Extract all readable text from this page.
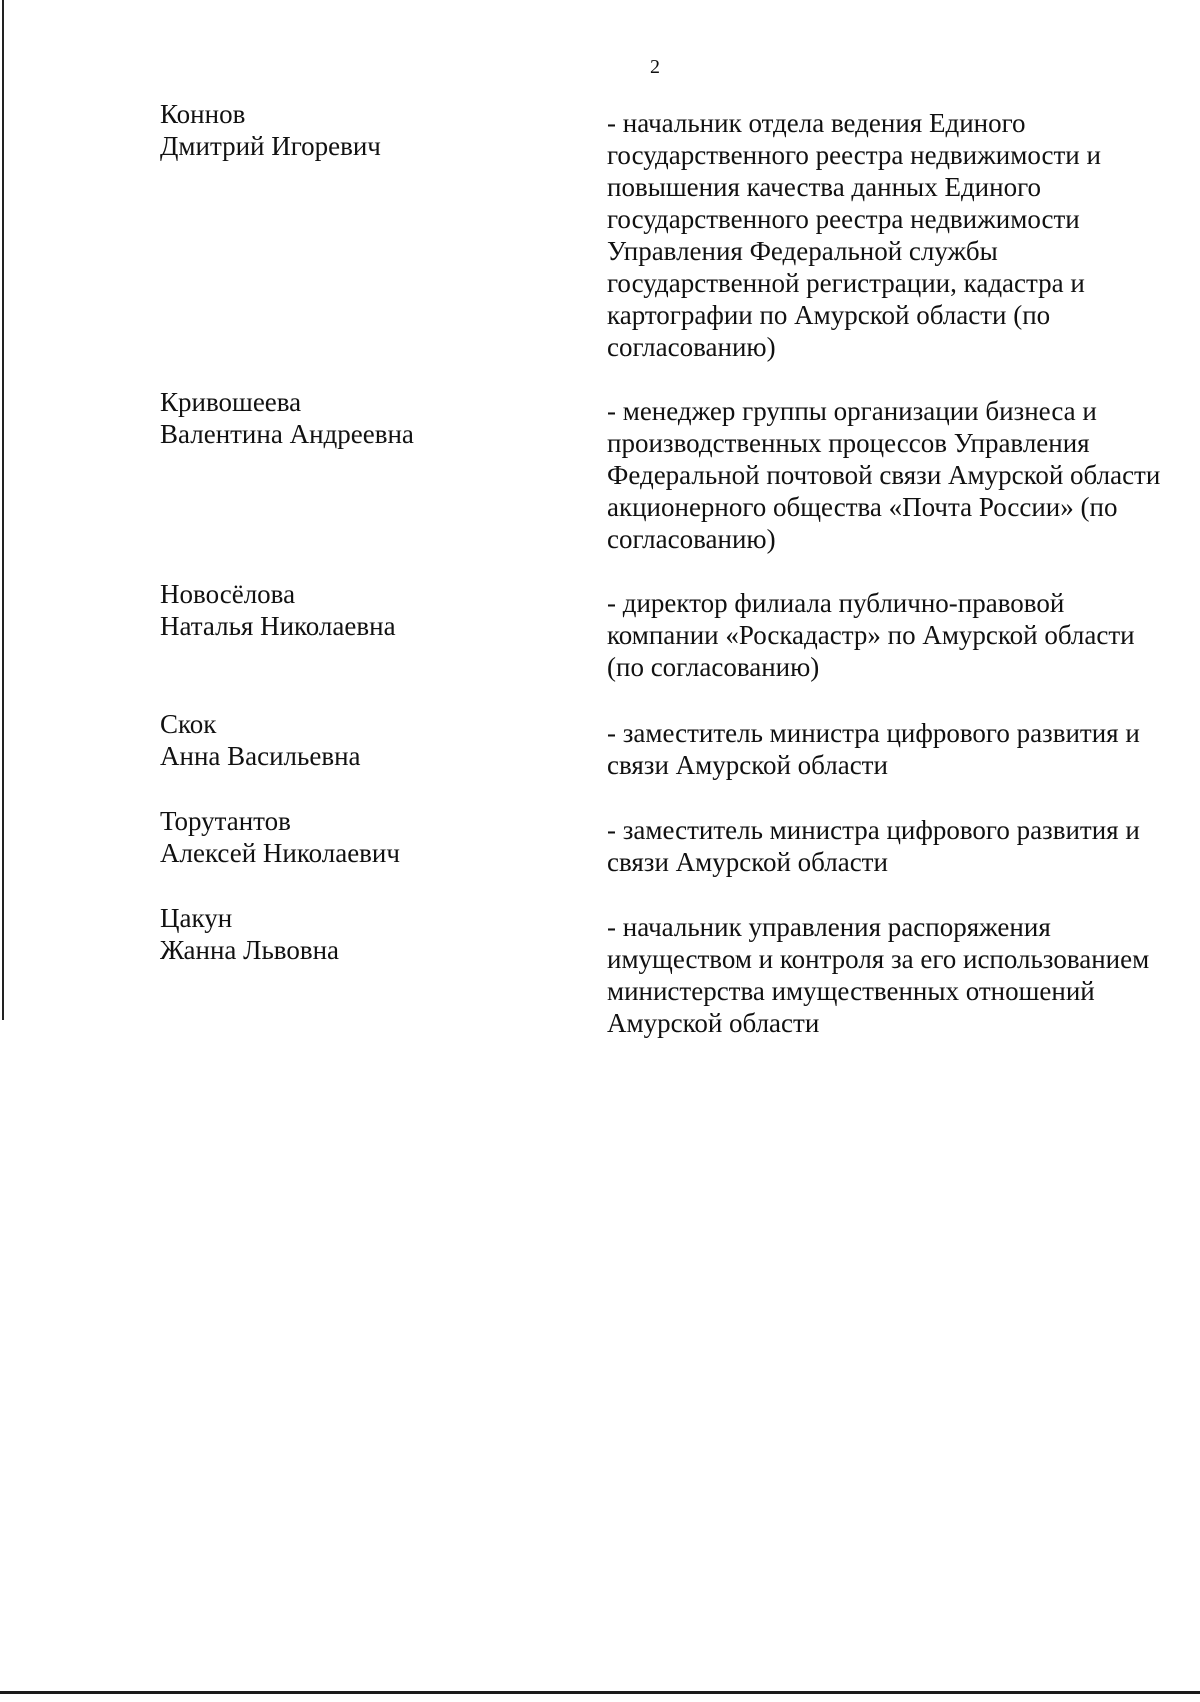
2
Коннов
Дмитрий Игоревич
- начальник отдела ведения Единого государственного реестра недвижимости и повышения качества данных Единого государственного реестра недвижимости Управления Федеральной службы государственной регистрации, кадастра и картографии по Амурской области (по согласованию)
Кривошеева
Валентина Андреевна
- менеджер группы организации бизнеса и производственных процессов Управления Федеральной почтовой связи Амурской области акционерного общества «Почта России» (по согласованию)
Новосёлова
Наталья Николаевна
- директор филиала публично-правовой компании «Роскадастр» по Амурской области (по согласованию)
Скок
Анна Васильевна
- заместитель министра цифрового развития и связи Амурской области
Торутантов
Алексей Николаевич
- заместитель министра цифрового развития и связи Амурской области
Цакун
Жанна Львовна
- начальник управления распоряжения имуществом и контроля за его использованием министерства имущественных отношений Амурской области
